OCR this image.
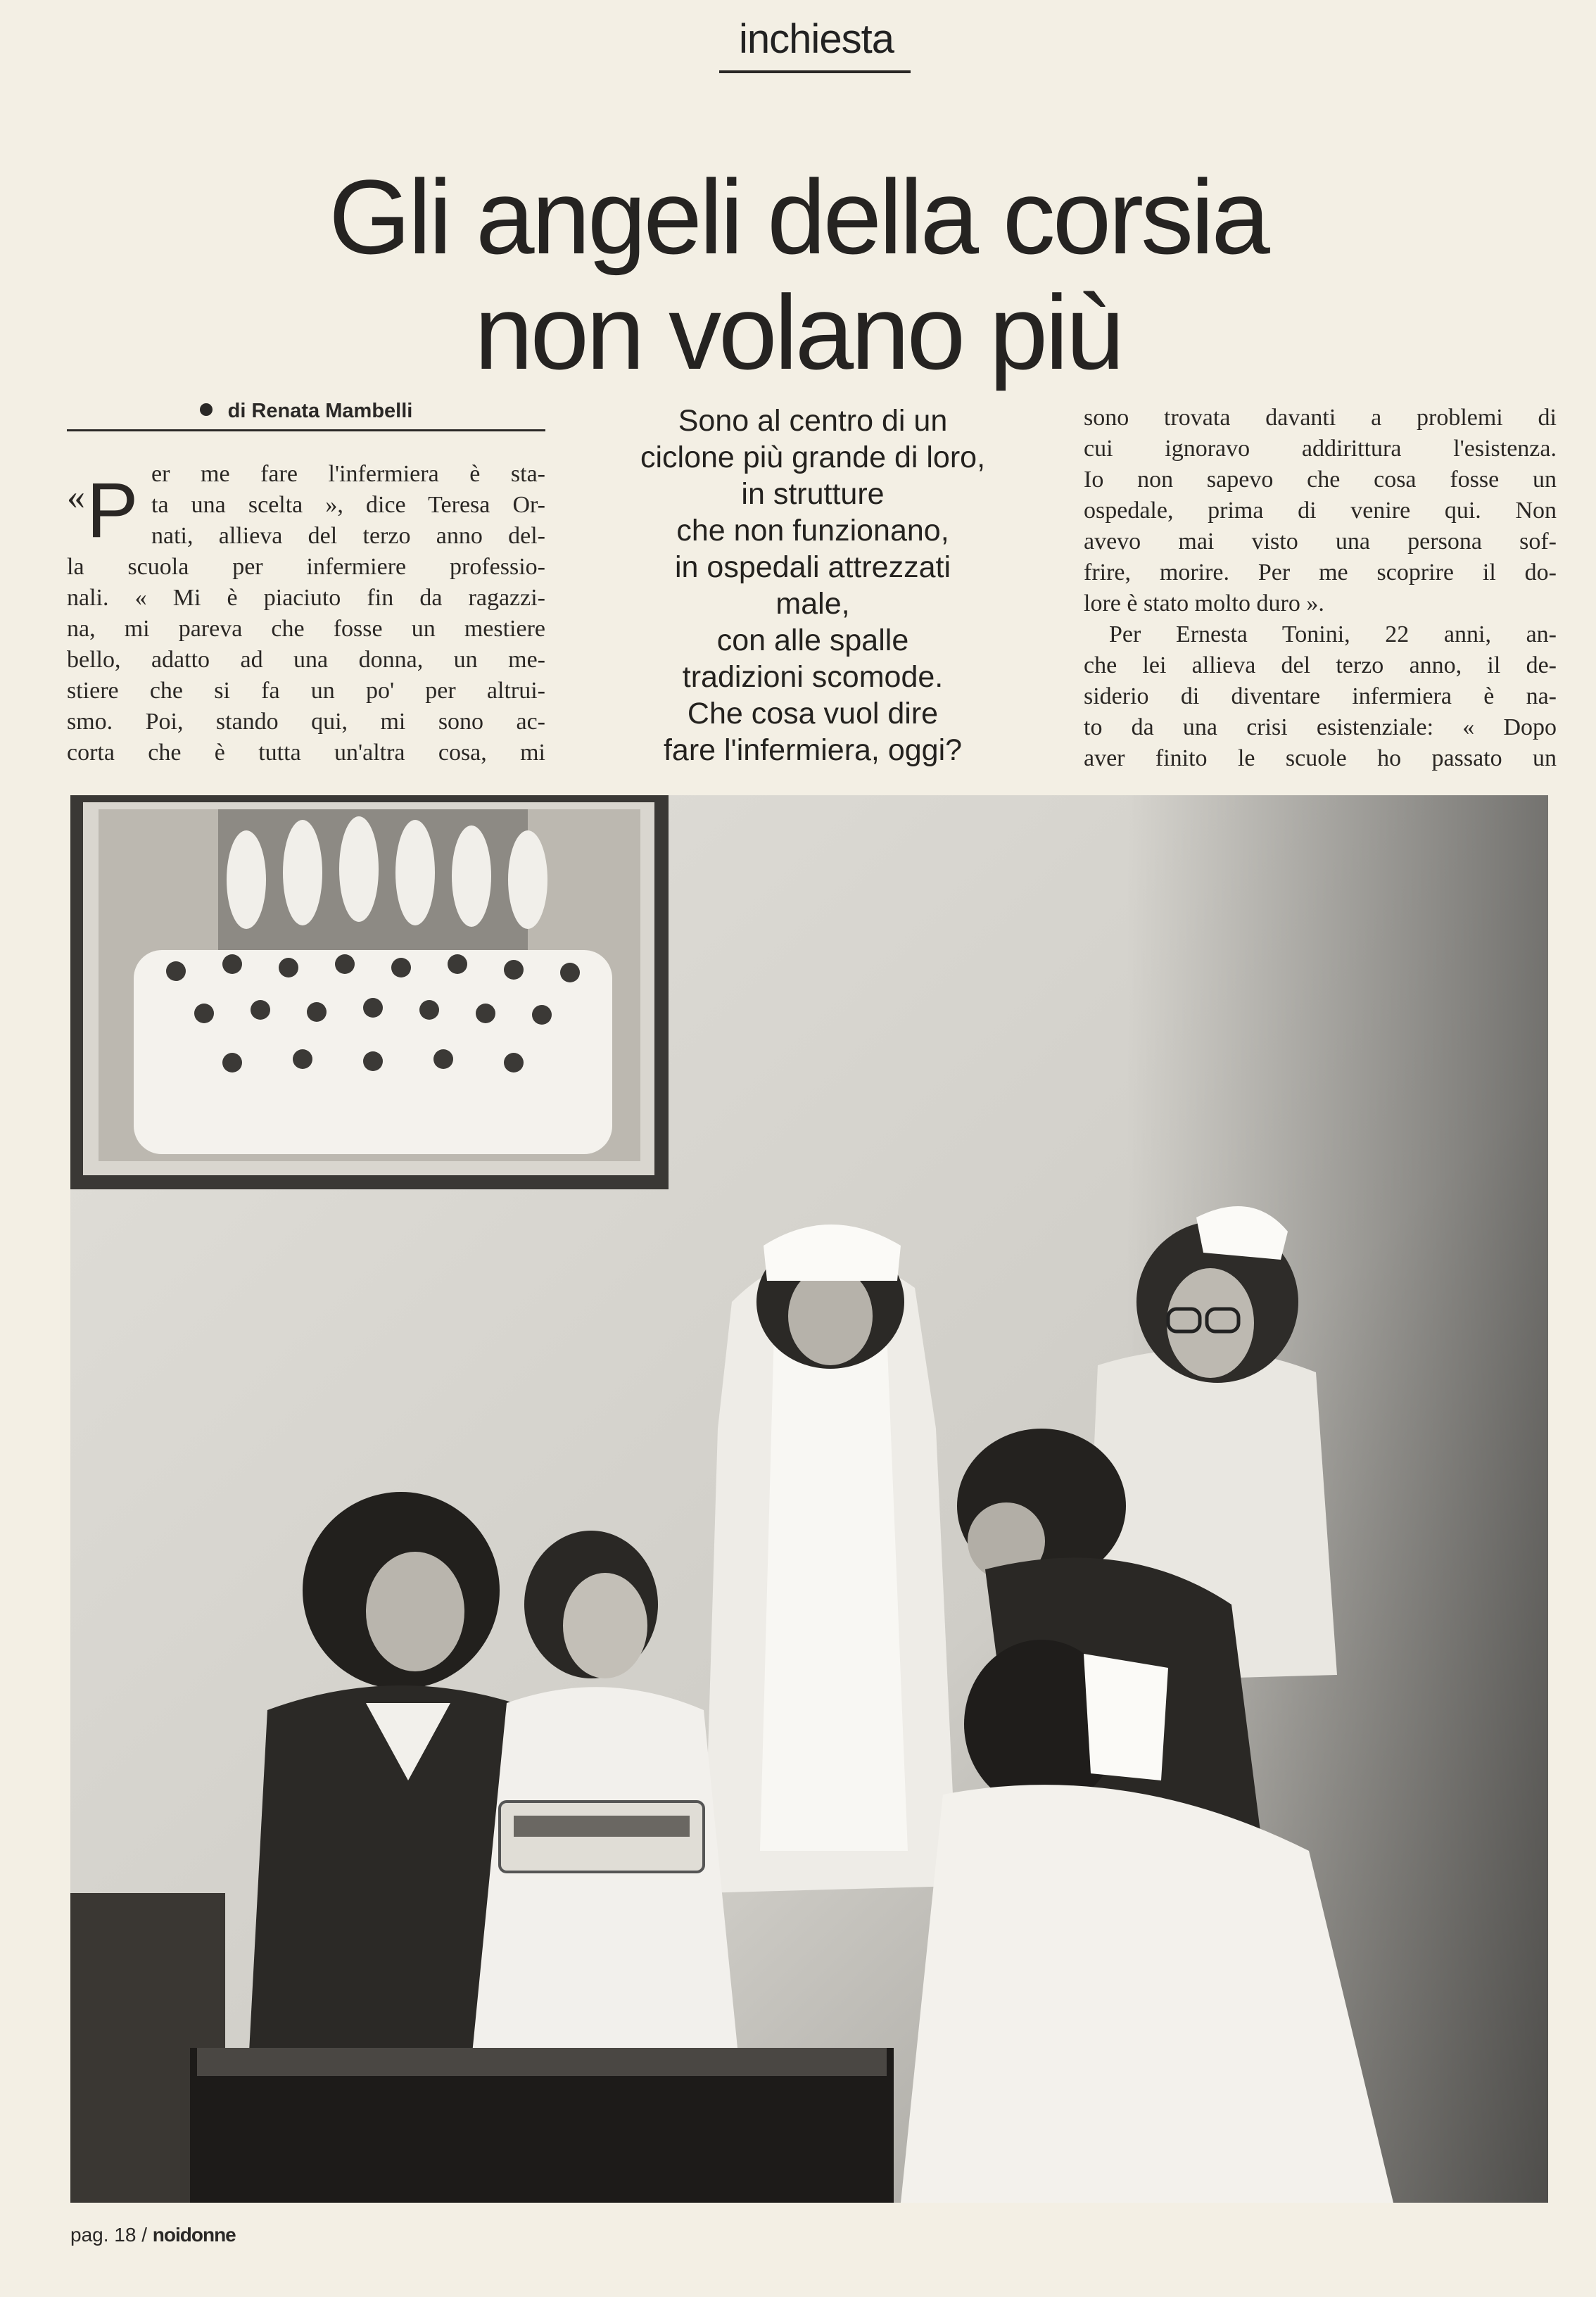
inchiesta
Gli angeli della corsia
non volano più
di Renata Mambelli
«P er me fare l'infermiera è sta-
ta una scelta », dice Teresa Or-
nati, allieva del terzo anno del-
la scuola per infermiere professio-
nali. « Mi è piaciuto fin da ragazzi-
na, mi pareva che fosse un mestiere
bello, adatto ad una donna, un me-
stiere che si fa un po' per altrui-
smo. Poi, stando qui, mi sono ac-
corta che è tutta un'altra cosa, mi
Sono al centro di un
ciclone più grande di loro,
in strutture
che non funzionano,
in ospedali attrezzati
male,
con alle spalle
tradizioni scomode.
Che cosa vuol dire
fare l'infermiera, oggi?
sono trovata davanti a problemi di
cui ignoravo addirittura l'esistenza.
Io non sapevo che cosa fosse un
ospedale, prima di venire qui. Non
avevo mai visto una persona sof-
frire, morire. Per me scoprire il do-
lore è stato molto duro ».
Per Ernesta Tonini, 22 anni, an-
che lei allieva del terzo anno, il de-
siderio di diventare infermiera è na-
to da una crisi esistenziale: « Dopo
aver finito le scuole ho passato un
pag. 18 / noidonne
